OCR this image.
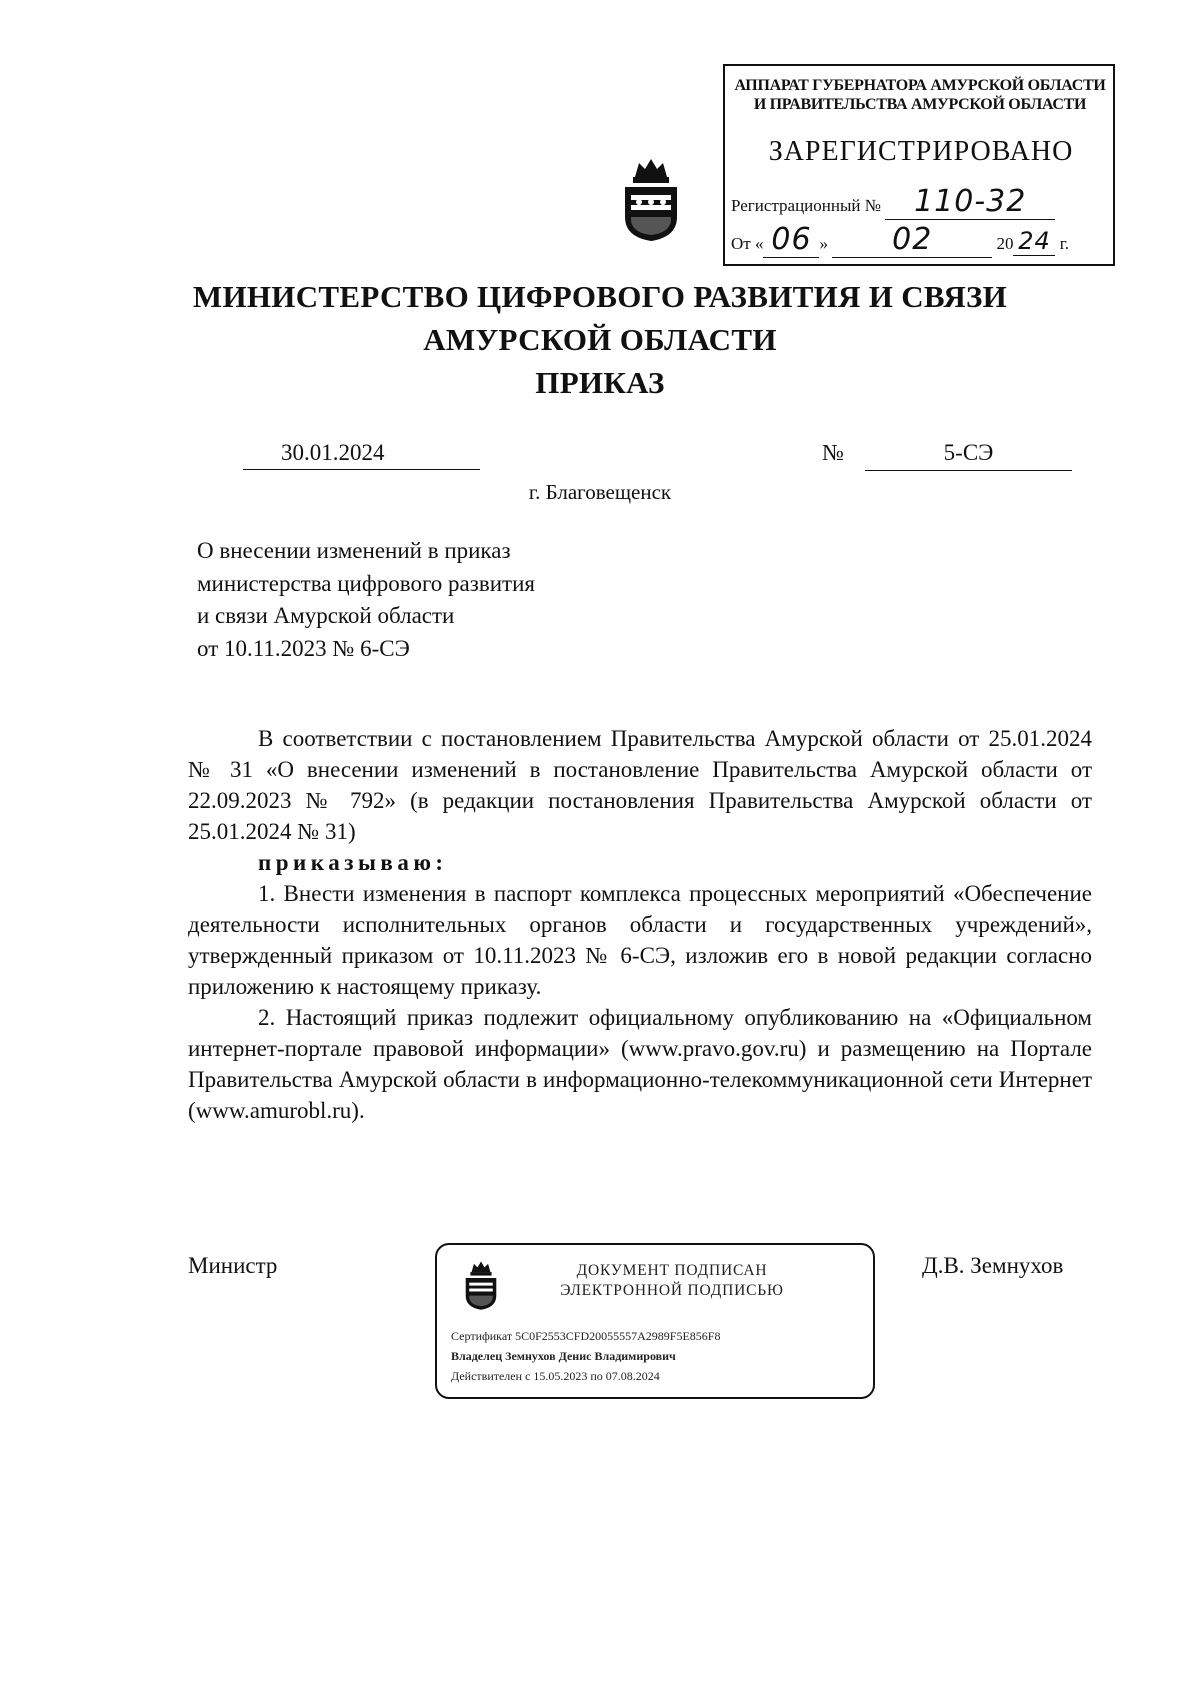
АППАРАТ ГУБЕРНАТОРА АМУРСКОЙ ОБЛАСТИ
И ПРАВИТЕЛЬСТВА АМУРСКОЙ ОБЛАСТИ
ЗАРЕГИСТРИРОВАНО
Регистрационный № 110-32
От « 06 » 02	20 24 г.
МИНИСТЕРСТВО ЦИФРОВОГО РАЗВИТИЯ И СВЯЗИ
АМУРСКОЙ ОБЛАСТИ
ПРИКАЗ
30.01.2024	№	5-СЭ
г. Благовещенск
О внесении изменений в приказ
министерства цифрового развития
и связи Амурской области
от 10.11.2023 № 6-СЭ

В соответствии с постановлением Правительства Амурской области от 25.01.2024 № 31 «О внесении изменений в постановление Правительства Амурской области от 22.09.2023 № 792» (в редакции постановления Правительства Амурской области от 25.01.2024 № 31)

приказываю:

1. Внести изменения в паспорт комплекса процессных мероприятий «Обеспечение деятельности исполнительных органов области и государственных учреждений», утвержденный приказом от 10.11.2023 № 6-СЭ, изложив его в новой редакции согласно приложению к настоящему приказу.

2. Настоящий приказ подлежит официальному опубликованию на «Официальном интернет-портале правовой информации» (www.pravo.gov.ru) и размещению на Портале Правительства Амурской области в информационно-телекоммуникационной сети Интернет (www.amurobl.ru).

Министр	Д.В. Земнухов
ДОКУМЕНТ ПОДПИСАН
ЭЛЕКТРОННОЙ ПОДПИСЬЮ
Сертификат 5C0F2553CFD20055557A2989F5E856F8
Владелец Земнухов Денис Владимирович
Действителен с 15.05.2023 по 07.08.2024
